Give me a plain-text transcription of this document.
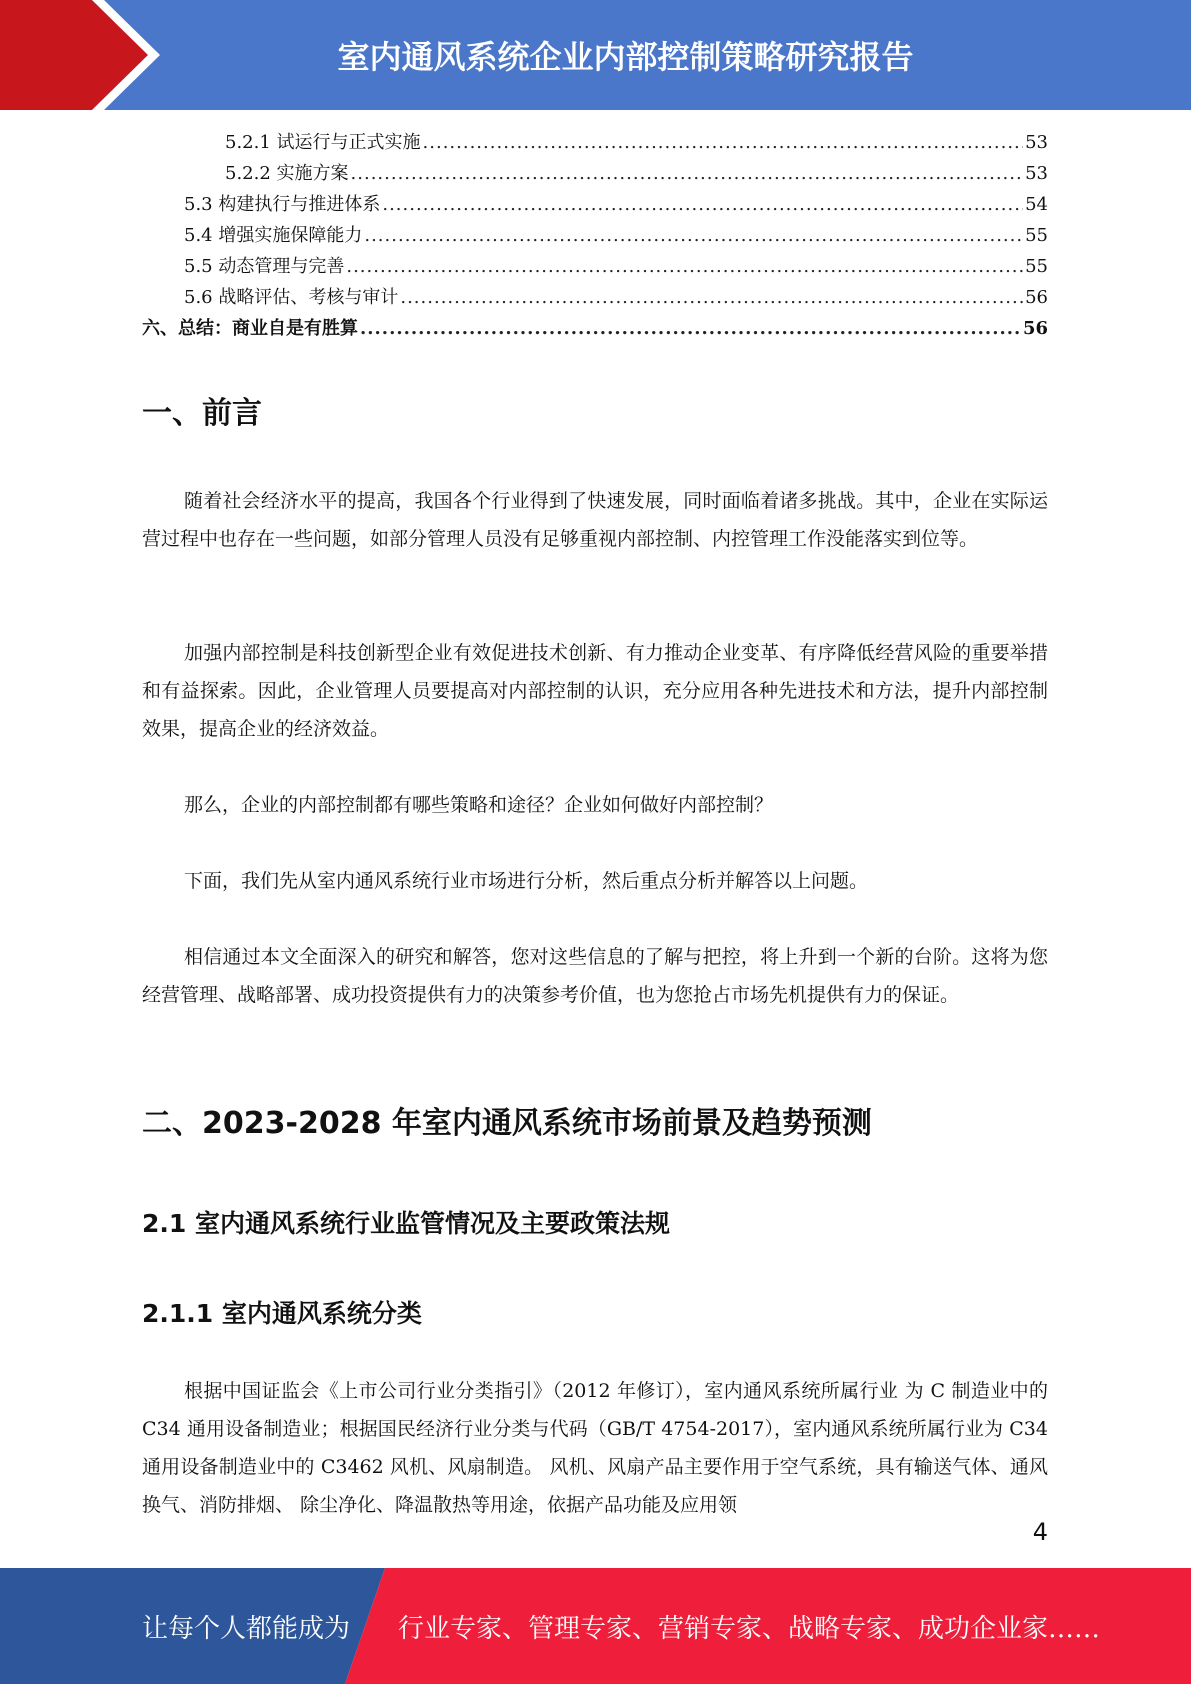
室内通风系统企业内部控制策略研究报告
5.2.1 试运行与正式实施 .....	53
5.2.2 实施方案 .....	53
5.3 构建执行与推进体系 .....	54
5.4 增强实施保障能力 .....	55
5.5 动态管理与完善 .....	55
5.6 战略评估、考核与审计 .....	56
六、总结：商业自是有胜算 .....	56
一、前言

随着社会经济水平的提高，我国各个行业得到了快速发展，同时面临着诸多挑战。其中，企业在实际运营过程中也存在一些问题，如部分管理人员没有足够重视内部控制、内控管理工作没能落实到位等。

加强内部控制是科技创新型企业有效促进技术创新、有力推动企业变革、有序降低经营风险的重要举措和有益探索。因此，企业管理人员要提高对内部控制的认识，充分应用各种先进技术和方法，提升内部控制效果，提高企业的经济效益。

那么，企业的内部控制都有哪些策略和途径？企业如何做好内部控制？

下面，我们先从室内通风系统行业市场进行分析，然后重点分析并解答以上问题。

相信通过本文全面深入的研究和解答，您对这些信息的了解与把控，将上升到一个新的台阶。这将为您经营管理、战略部署、成功投资提供有力的决策参考价值，也为您抢占市场先机提供有力的保证。

二、2023-2028 年室内通风系统市场前景及趋势预测
2.1 室内通风系统行业监管情况及主要政策法规
2.1.1 室内通风系统分类

根据中国证监会《上市公司行业分类指引》（2012 年修订），室内通风系统所属行业 为 C 制造业中的 C34 通用设备制造业；根据国民经济行业分类与代码（GB/T 4754-2017），室内通风系统所属行业为 C34 通用设备制造业中的 C3462 风机、风扇制造。 风机、风扇产品主要作用于空气系统，具有输送气体、通风换气、消防排烟、 除尘净化、降温散热等用途，依据产品功能及应用领

4
让每个人都能成为 行业专家、管理专家、营销专家、战略专家、成功企业家……
